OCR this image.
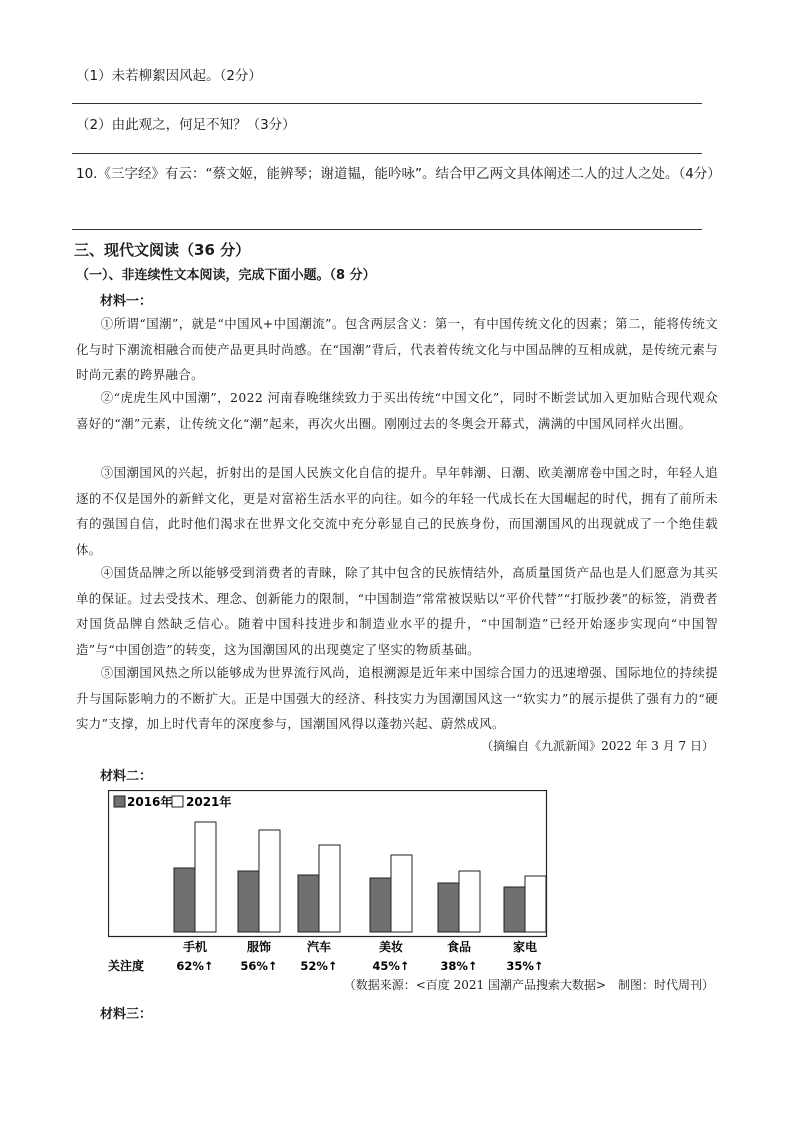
（1）未若柳絮因风起。（2分）
（2）由此观之，何足不知？（3分）
10.《三字经》有云：“蔡文姬，能辨琴；谢道韫，能吟咏”。结合甲乙两文具体阐述二人的过人之处。（4分）
三、现代文阅读（36 分）
（一）、非连续性文本阅读，完成下面小题。（8 分）
材料一：
①所谓“国潮”，就是“中国风+中国潮流”。包含两层含义：第一，有中国传统文化的因素；第二，能将传统文化与时下潮流相融合而使产品更具时尚感。在“国潮”背后，代表着传统文化与中国品牌的互相成就，是传统元素与时尚元素的跨界融合。
②“虎虎生风中国潮”，2022 河南春晚继续致力于买出传统“中国文化”，同时不断尝试加入更加贴合现代观众喜好的“潮”元素，让传统文化“潮”起来，再次火出圈。刚刚过去的冬奥会开幕式，满满的中国风同样火出圈。
③国潮国风的兴起，折射出的是国人民族文化自信的提升。早年韩潮、日潮、欧美潮席卷中国之时，年轻人追逐的不仅是国外的新鲜文化，更是对富裕生活水平的向往。如今的年轻一代成长在大国崛起的时代，拥有了前所未有的强国自信，此时他们渴求在世界文化交流中充分彰显自己的民族身份，而国潮国风的出现就成了一个绝佳载体。
④国货品牌之所以能够受到消费者的青睐，除了其中包含的民族情结外，高质量国货产品也是人们愿意为其买单的保证。过去受技术、理念、创新能力的限制，“中国制造”常常被误贴以“平价代替”“打版抄袭”的标签，消费者对国货品牌自然缺乏信心。随着中国科技进步和制造业水平的提升，“中国制造”已经开始逐步实现向“中国智造”与“中国创造”的转变，这为国潮国风的出现奠定了坚实的物质基础。
⑤国潮国风热之所以能够成为世界流行风尚，追根溯源是近年来中国综合国力的迅速增强、国际地位的持续提升与国际影响力的不断扩大。正是中国强大的经济、科技实力为国潮国风这一“软实力”的展示提供了强有力的“硬实力”支撑，加上时代青年的深度参与，国潮国风得以蓬勃兴起、蔚然成风。
（摘编自《九派新闻》2022 年 3 月 7 日）
材料二：
2016年 2021年
手机
62%↑
服饰
56%↑
汽车
52%↑
美妆
45%↑
食品
38%↑
家电
35%↑
关注度
（数据来源：<百度 2021 国潮产品搜索大数据>　制图：时代周刊）
材料三：
